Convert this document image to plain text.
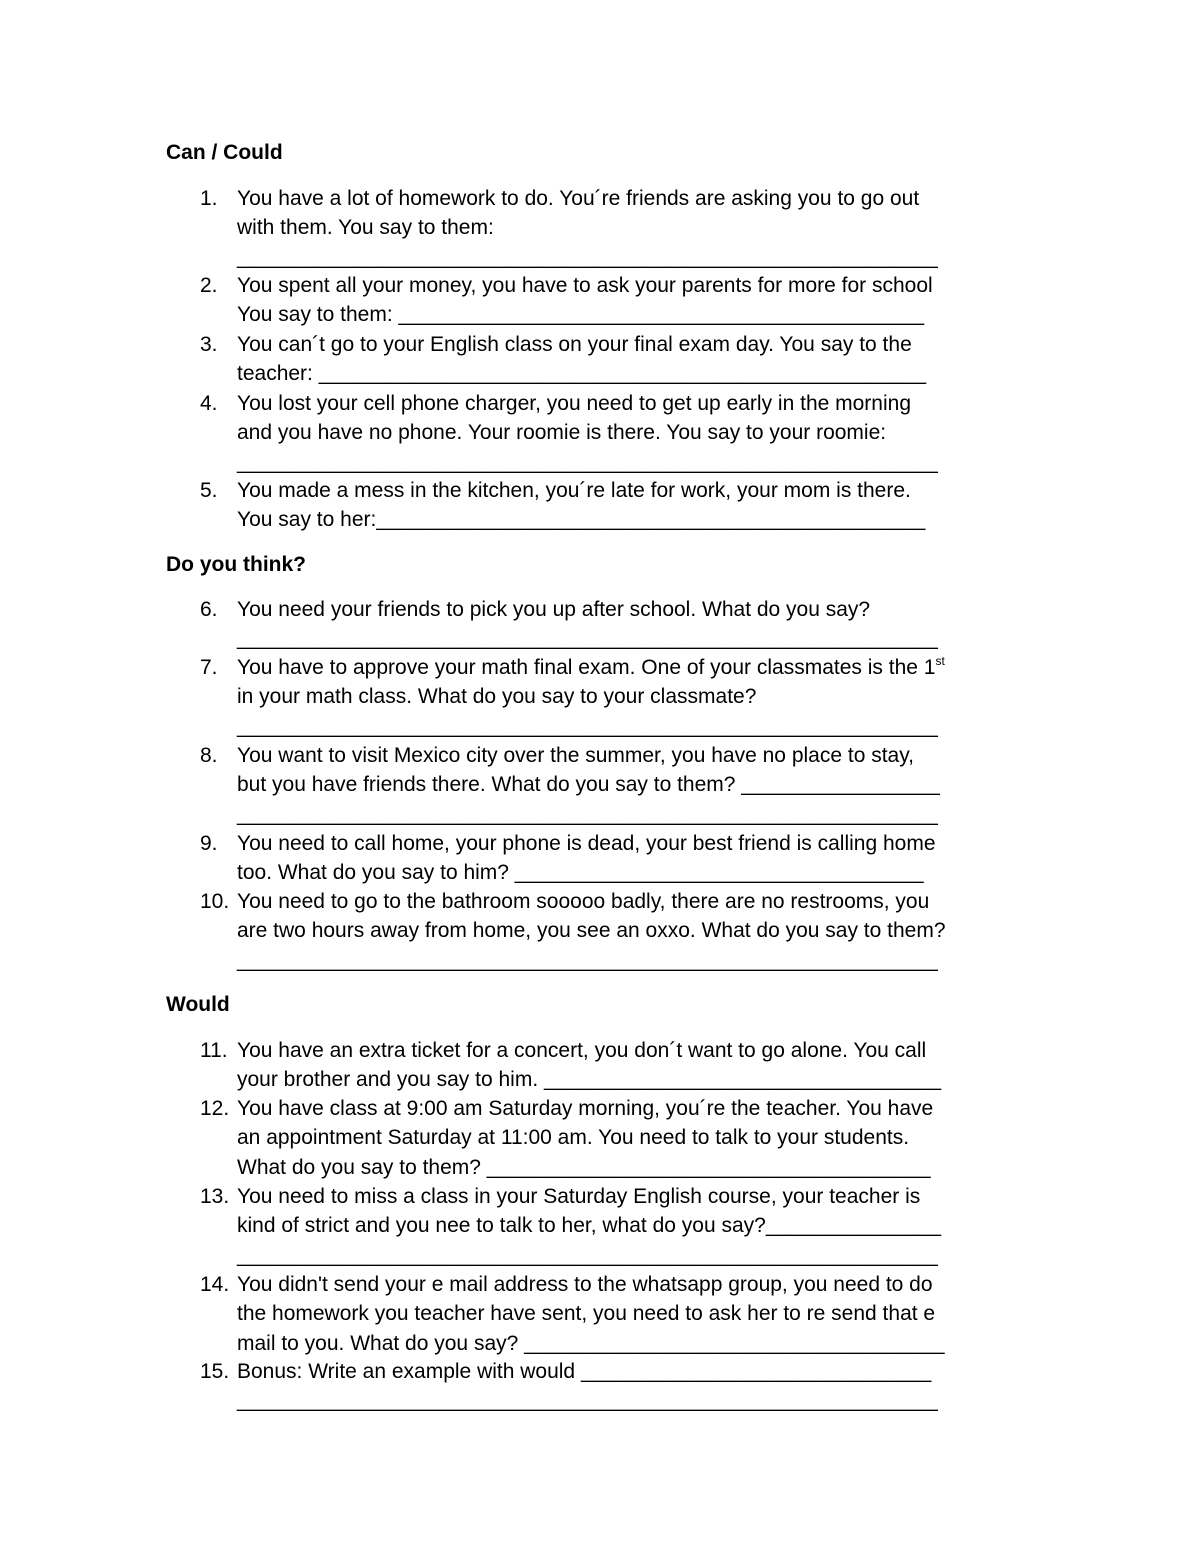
Can / Could
1. You have a lot of homework to do. You´re friends are asking you to go out
with them. You say to them:
____________________________________________________________
2. You spent all your money, you have to ask your parents for more for school
You say to them: _____________________________________________
3. You can´t go to your English class on your final exam day. You say to the
teacher: ____________________________________________________
4. You lost your cell phone charger, you need to get up early in the morning
and you have no phone. Your roomie is there. You say to your roomie:
____________________________________________________________
5. You made a mess in the kitchen, you´re late for work, your mom is there.
You say to her:_______________________________________________
Do you think?
6. You need your friends to pick you up after school. What do you say?
____________________________________________________________
7. You have to approve your math final exam. One of your classmates is the 1st
in your math class. What do you say to your classmate?
____________________________________________________________
8. You want to visit Mexico city over the summer, you have no place to stay,
but you have friends there. What do you say to them? _________________
____________________________________________________________
9. You need to call home, your phone is dead, your best friend is calling home
too. What do you say to him? ___________________________________
10. You need to go to the bathroom sooooo badly, there are no restrooms, you
are two hours away from home, you see an oxxo. What do you say to them?
____________________________________________________________
Would
11. You have an extra ticket for a concert, you don´t want to go alone. You call
your brother and you say to him. __________________________________
12. You have class at 9:00 am Saturday morning, you´re the teacher. You have
an appointment Saturday at 11:00 am. You need to talk to your students.
What do you say to them? ______________________________________
13. You need to miss a class in your Saturday English course, your teacher is
kind of strict and you nee to talk to her, what do you say?_______________
____________________________________________________________
14. You didn't send your e mail address to the whatsapp group, you need to do
the homework you teacher have sent, you need to ask her to re send that e
mail to you. What do you say? ____________________________________
15. Bonus: Write an example with would ______________________________
____________________________________________________________
